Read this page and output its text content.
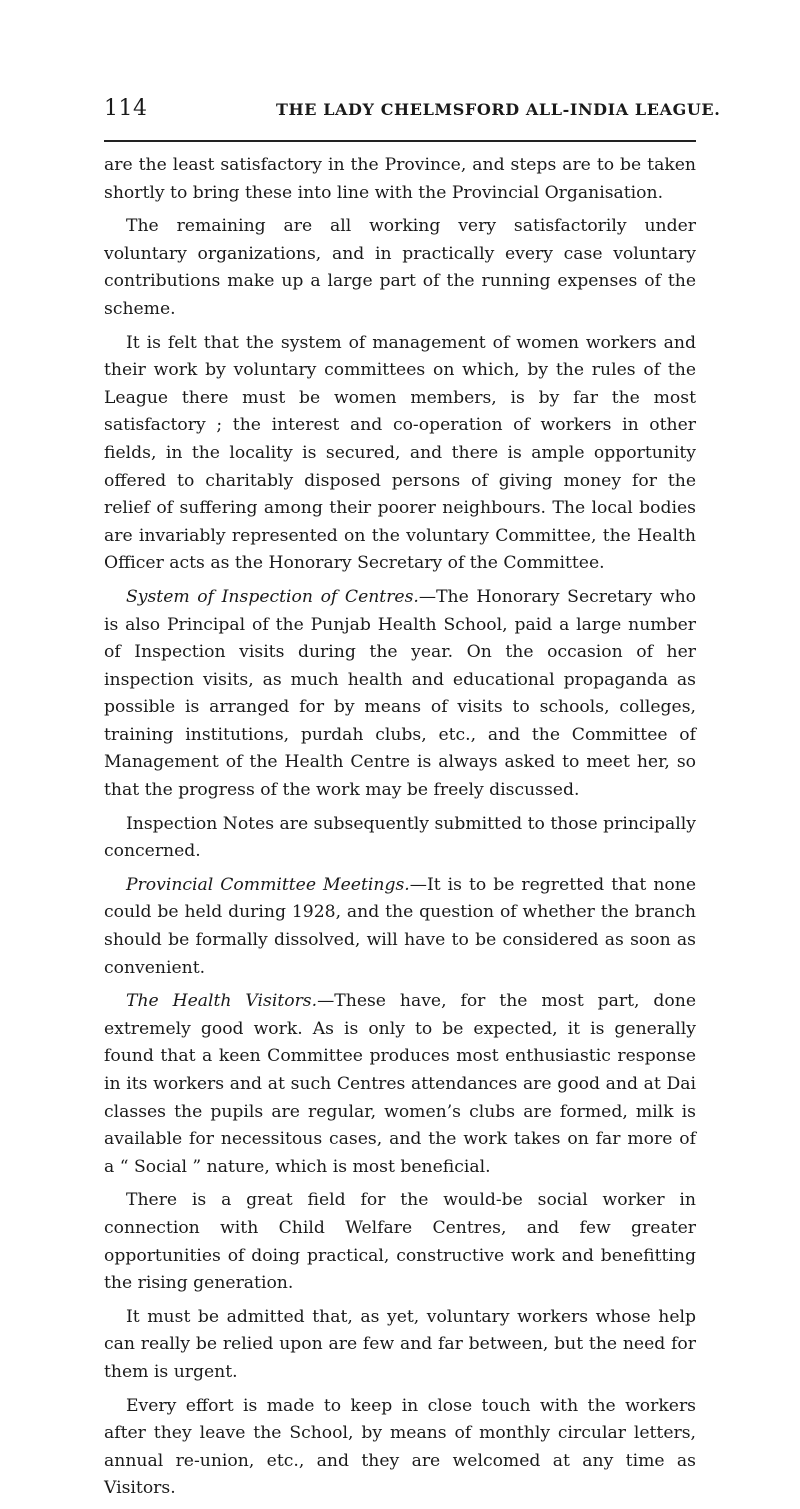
114	THE LADY CHELMSFORD ALL-INDIA LEAGUE.

are the least satisfactory in the Province, and steps are to be taken shortly to bring these into line with the Provincial Organisation.

The remaining are all working very satisfactorily under voluntary organizations, and in practically every case voluntary contributions make up a large part of the running expenses of the scheme.

It is felt that the system of management of women workers and their work by voluntary committees on which, by the rules of the League there must be women members, is by far the most satisfactory ; the interest and co-operation of workers in other fields, in the locality is secured, and there is ample opportunity offered to charitably disposed persons of giving money for the relief of suffering among their poorer neighbours. The local bodies are invariably represented on the voluntary Committee, the Health Officer acts as the Honorary Secretary of the Committee.

System of Inspection of Centres.—The Honorary Secretary who is also Principal of the Punjab Health School, paid a large number of Inspection visits during the year. On the occasion of her inspection visits, as much health and educational propaganda as possible is arranged for by means of visits to schools, colleges, training institutions, purdah clubs, etc., and the Committee of Management of the Health Centre is always asked to meet her, so that the progress of the work may be freely discussed.

Inspection Notes are subsequently submitted to those principally concerned.

Provincial Committee Meetings.—It is to be regretted that none could be held during 1928, and the question of whether the branch should be formally dissolved, will have to be considered as soon as convenient.

The Health Visitors.—These have, for the most part, done extremely good work. As is only to be expected, it is generally found that a keen Committee produces most enthusiastic response in its workers and at such Centres attendances are good and at Dai classes the pupils are regular, women’s clubs are formed, milk is available for necessitous cases, and the work takes on far more of a “ Social ” nature, which is most beneficial.

There is a great field for the would-be social worker in connection with Child Welfare Centres, and few greater opportunities of doing practical, constructive work and benefitting the rising generation.

It must be admitted that, as yet, voluntary workers whose help can really be relied upon are few and far between, but the need for them is urgent.

Every effort is made to keep in close touch with the workers after they leave the School, by means of monthly circular letters, annual re-union, etc., and they are welcomed at any time as Visitors.
